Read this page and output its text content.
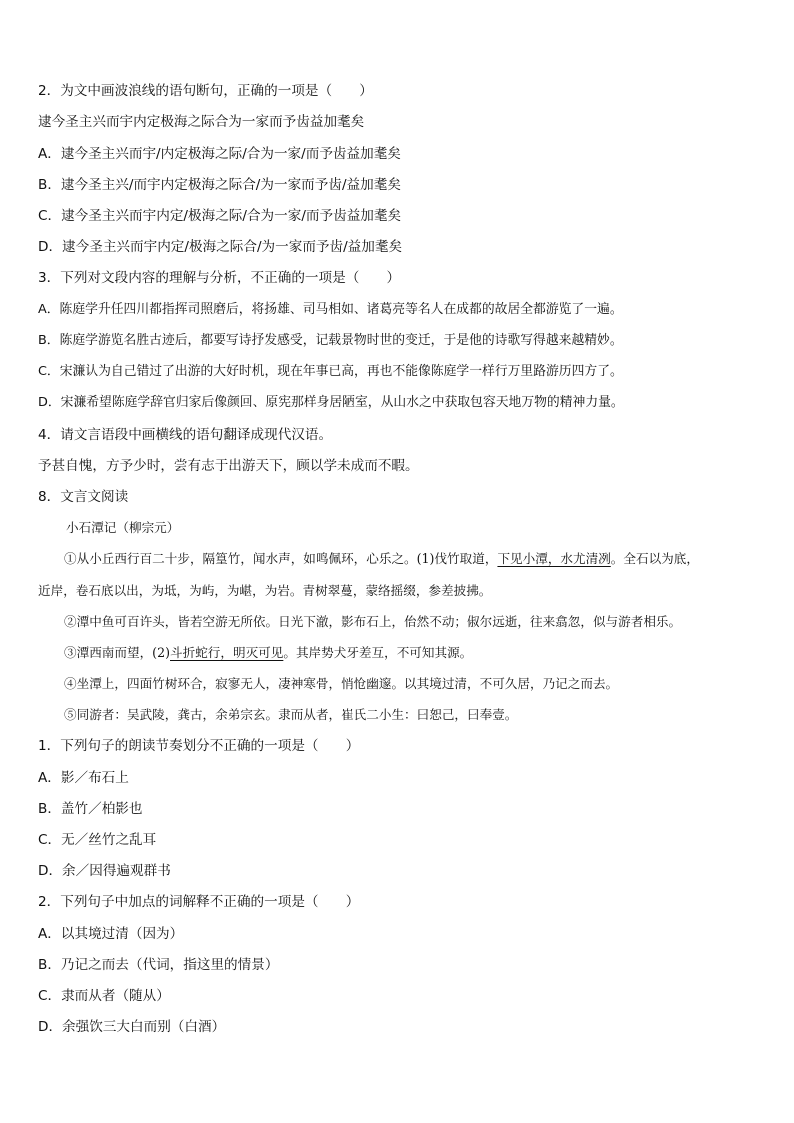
2．为文中画波浪线的语句断句，正确的一项是（　　）
逮今圣主兴而宇内定极海之际合为一家而予齿益加耄矣
A．逮今圣主兴而宇/内定极海之际/合为一家/而予齿益加耄矣
B．逮今圣主兴/而宇内定极海之际合/为一家而予齿/益加耄矣
C．逮今圣主兴而宇内定/极海之际/合为一家/而予齿益加耄矣
D．逮今圣主兴而宇内定/极海之际合/为一家而予齿/益加耄矣
3．下列对文段内容的理解与分析，不正确的一项是（　　）
A．陈庭学升任四川都指挥司照磨后，将扬雄、司马相如、诸葛亮等名人在成都的故居全都游览了一遍。
B．陈庭学游览名胜古迹后，都要写诗抒发感受，记载景物时世的变迁，于是他的诗歌写得越来越精妙。
C．宋濂认为自己错过了出游的大好时机，现在年事已高，再也不能像陈庭学一样行万里路游历四方了。
D．宋濂希望陈庭学辞官归家后像颜回、原宪那样身居陋室，从山水之中获取包容天地万物的精神力量。
4．请文言语段中画横线的语句翻译成现代汉语。
予甚自愧，方予少时，尝有志于出游天下，顾以学未成而不暇。
8．文言文阅读
小石潭记（柳宗元）
①从小丘西行百二十步，隔篁竹，闻水声，如鸣佩环，心乐之。(1)伐竹取道，下见小潭，水尤清冽。全石以为底，
近岸，卷石底以出，为坻，为屿，为嵁，为岩。青树翠蔓，蒙络摇缀，参差披拂。
②潭中鱼可百许头，皆若空游无所依。日光下澈，影布石上，佁然不动；俶尔远逝，往来翕忽，似与游者相乐。
③潭西南而望，(2)斗折蛇行，明灭可见。其岸势犬牙差互，不可知其源。
④坐潭上，四面竹树环合，寂寥无人，凄神寒骨，悄怆幽邃。以其境过清，不可久居，乃记之而去。
⑤同游者：吴武陵，龚古，余弟宗玄。隶而从者，崔氏二小生：曰恕己，曰奉壹。
1．下列句子的朗读节奏划分不正确的一项是（　　）
A．影／布石上
B．盖竹／柏影也
C．无／丝竹之乱耳
D．余／因得遍观群书
2．下列句子中加点的词解释不正确的一项是（　　）
A．以其境过清（因为）
B．乃记之而去（代词，指这里的情景）
C．隶而从者（随从）
D．余强饮三大白而别（白酒）
